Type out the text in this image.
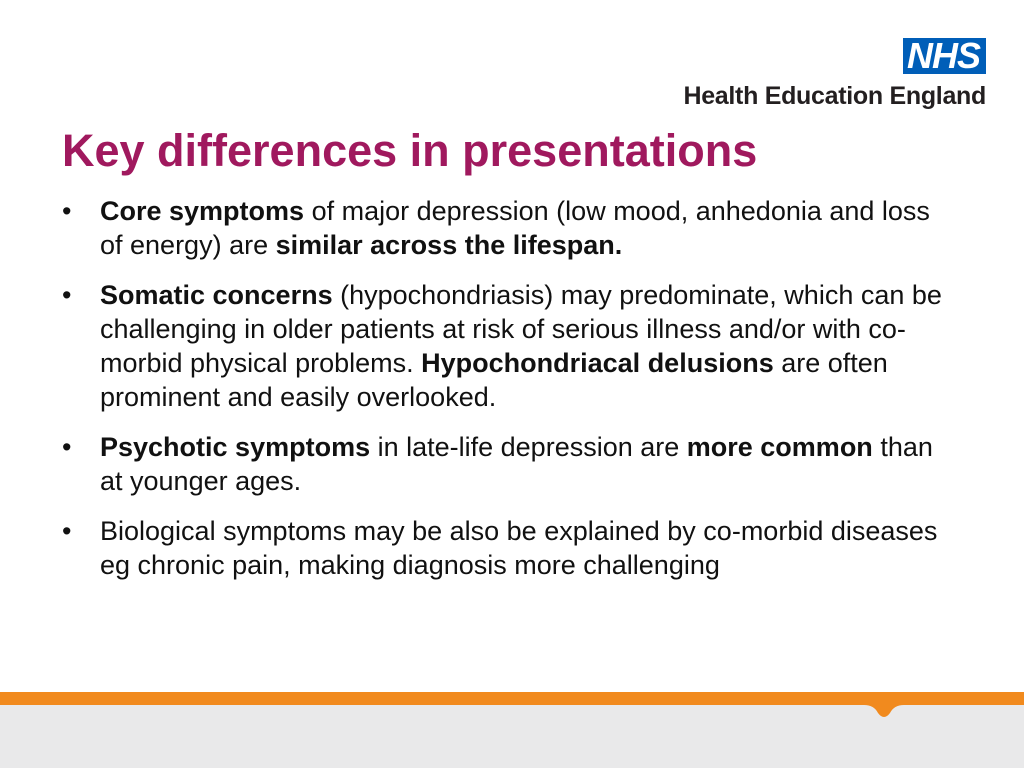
NHS
Health Education England
Key differences in presentations
•	Core symptoms of major depression (low mood, anhedonia and loss of energy) are similar across the lifespan.
•	Somatic concerns (hypochondriasis) may predominate, which can be challenging in older patients at risk of serious illness and/or with co-morbid physical problems. Hypochondriacal delusions are often prominent and easily overlooked.
•	Psychotic symptoms in late-life depression are more common than at younger ages.
•	Biological symptoms may be also be explained by co-morbid diseases eg chronic pain, making diagnosis more challenging
